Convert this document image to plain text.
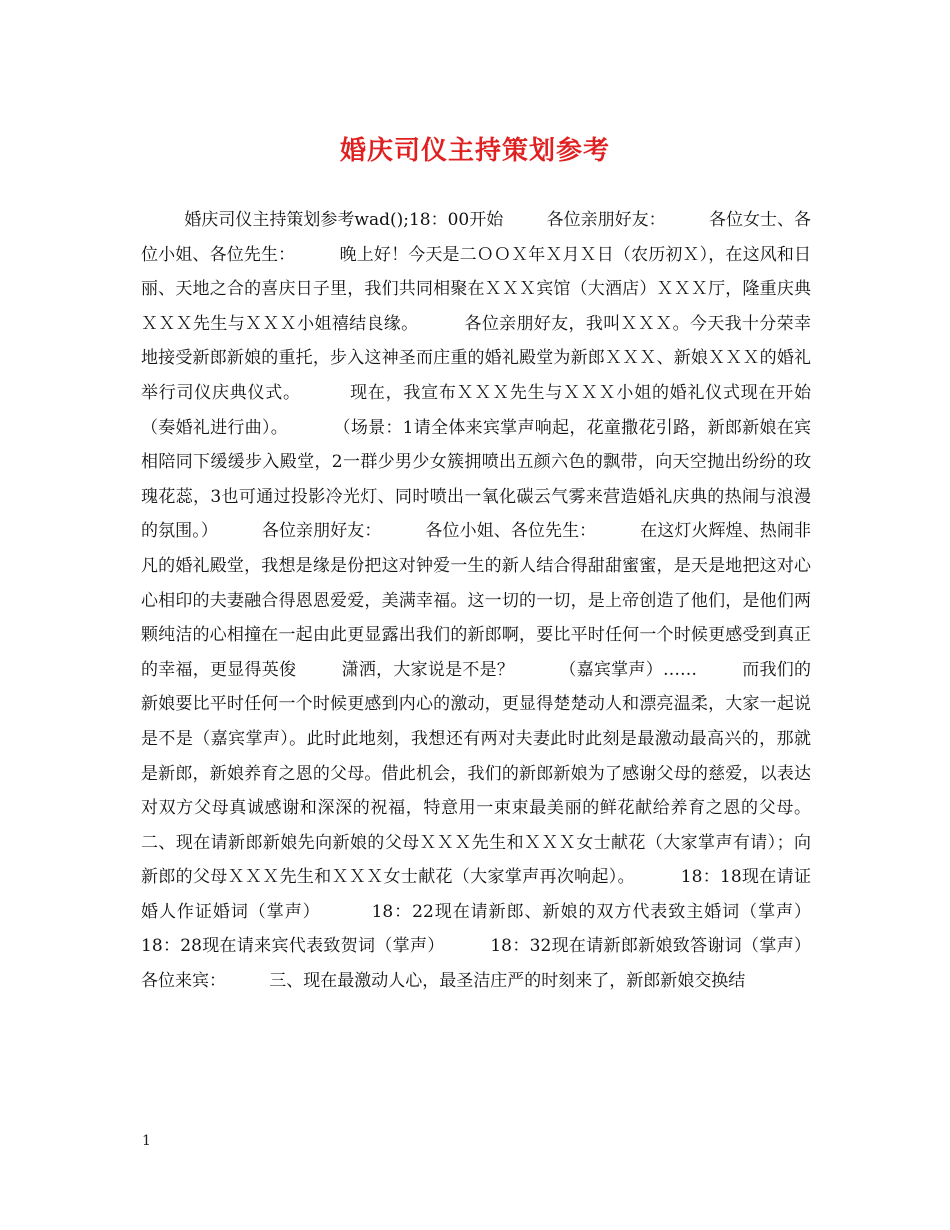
婚庆司仪主持策划参考
婚庆司仪主持策划参考wad();18：00开始        各位亲朋好友：        各位女士、各位小姐、各位先生：        晚上好！今天是二ＯＯＸ年Ｘ月Ｘ日（农历初Ｘ），在这风和日丽、天地之合的喜庆日子里，我们共同相聚在ＸＸＸ宾馆（大酒店）ＸＸＸ厅，隆重庆典ＸＸＸ先生与ＸＸＸ小姐禧结良缘。        各位亲朋好友，我叫ＸＸＸ。今天我十分荣幸地接受新郎新娘的重托，步入这神圣而庄重的婚礼殿堂为新郎ＸＸＸ、新娘ＸＸＸ的婚礼举行司仪庆典仪式。        现在，我宣布ＸＸＸ先生与ＸＸＸ小姐的婚礼仪式现在开始        （奏婚礼进行曲）。        （场景：1请全体来宾掌声响起，花童撒花引路，新郎新娘在宾相陪同下缓缓步入殿堂，2一群少男少女簇拥喷出五颜六色的飘带，向天空抛出纷纷的玫瑰花蕊，3也可通过投影冷光灯、同时喷出一氧化碳云气雾来营造婚礼庆典的热闹与浪漫的氛围。）        各位亲朋好友：        各位小姐、各位先生：        在这灯火辉煌、热闹非凡的婚礼殿堂，我想是缘是份把这对钟爱一生的新人结合得甜甜蜜蜜，是天是地把这对心心相印的夫妻融合得恩恩爱爱，美满幸福。这一切的一切，是上帝创造了他们，是他们两颗纯洁的心相撞在一起由此更显露出我们的新郎啊，要比平时任何一个时候更感受到真正的幸福，更显得英俊        潇洒，大家说是不是？        （嘉宾掌声）……        而我们的新娘要比平时任何一个时候更感到内心的激动，更显得楚楚动人和漂亮温柔，大家一起说是不是（嘉宾掌声）。此时此地刻，我想还有两对夫妻此时此刻是最激动最高兴的，那就是新郎，新娘养育之恩的父母。借此机会，我们的新郎新娘为了感谢父母的慈爱，以表达对双方父母真诚感谢和深深的祝福，特意用一束束最美丽的鲜花献给养育之恩的父母。        二、现在请新郎新娘先向新娘的父母ＸＸＸ先生和ＸＸＸ女士献花（大家掌声有请）；向新郎的父母ＸＸＸ先生和ＸＸＸ女士献花（大家掌声再次响起）。        18：18现在请证婚人作证婚词（掌声）        18：22现在请新郎、新娘的双方代表致主婚词（掌声）        18：28现在请来宾代表致贺词（掌声）        18：32现在请新郎新娘致答谢词（掌声）        各位来宾：        三、现在最激动人心，最圣洁庄严的时刻来了，新郎新娘交换结
1
